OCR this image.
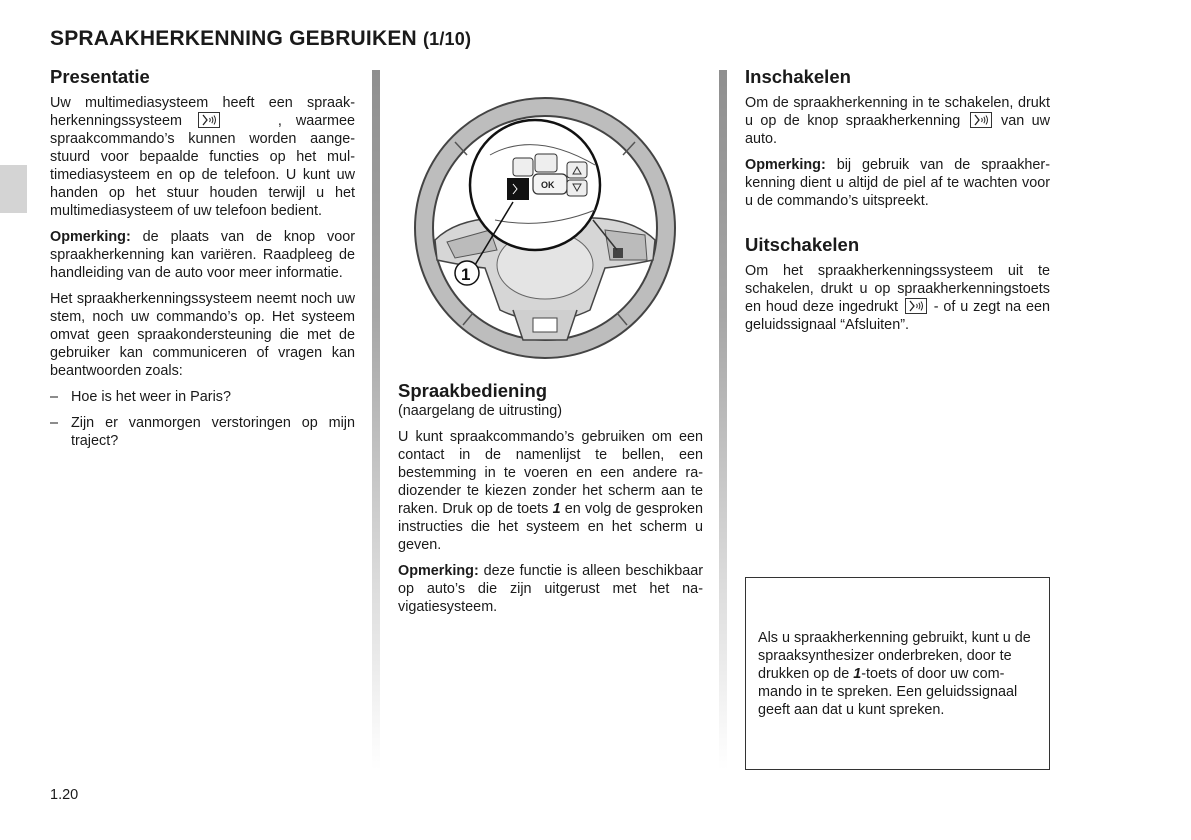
SPRAAKHERKENNING GEBRUIKEN (1/10)
Presentatie

Uw multimediasysteem heeft een spraakherkenningssysteem	, waarmee spraakcommando’s kunnen worden aangestuurd voor bepaalde functies op het multimediasysteem en op de telefoon. U kunt uw handen op het stuur houden terwijl u het multimediasysteem of uw telefoon bedient.

Opmerking: de plaats van de knop voor spraakherkenning kan variëren. Raadpleeg de handleiding van de auto voor meer informatie.

Het spraakherkenningssysteem neemt noch uw stem, noch uw commando’s op. Het systeem omvat geen spraakondersteuning die met de gebruiker kan communiceren of vragen kan beantwoorden zoals:

– Hoe is het weer in Paris?
– Zijn er vanmorgen verstoringen op mijn traject?
OK
1
Spraakbediening
(naargelang de uitrusting)

U kunt spraakcommando’s gebruiken om een contact in de namenlijst te bellen, een bestemming in te voeren en een andere radiozender te kiezen zonder het scherm aan te raken. Druk op de toets 1 en volg de gesproken instructies die het systeem en het scherm u geven.

Opmerking: deze functie is alleen beschikbaar op auto’s die zijn uitgerust met het navigatiesysteem.

Inschakelen

Om de spraakherkenning in te schakelen, drukt u op de knop spraakherkenning
van uw auto.

Opmerking: bij gebruik van de spraakherkenning dient u altijd de piel af te wachten voor u de commando’s uitspreekt.

Uitschakelen

Om het spraakherkenningssysteem uit te schakelen, drukt u op spraakherkenningstoets en houd deze ingedrukt
- of u zegt na een geluidssignaal “Afsluiten”.

Als u spraakherkenning gebruikt, kunt u de spraaksynthesizer onderbreken, door te drukken op de 1-toets of door uw commando in te spreken. Een geluidssignaal geeft aan dat u kunt spreken.
1.20
